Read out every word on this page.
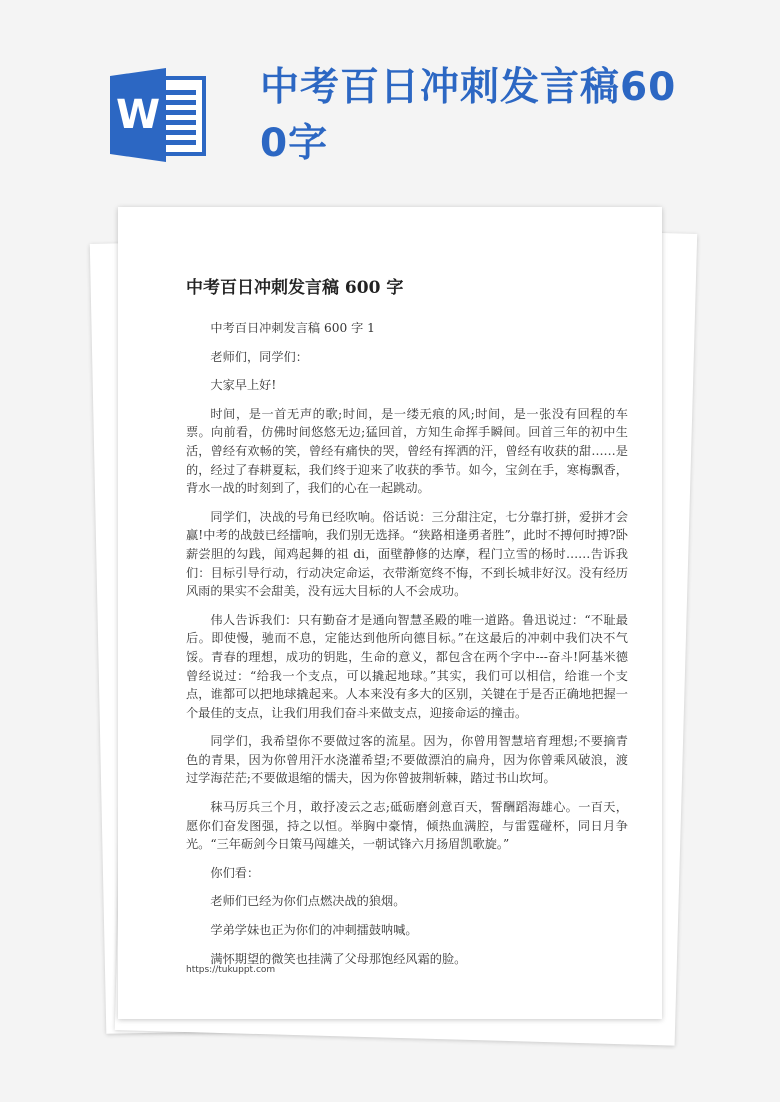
W
中考百日冲刺发言稿600字
中考百日冲刺发言稿 600 字

中考百日冲刺发言稿 600 字 1

老师们，同学们：

大家早上好!

时间，是一首无声的歌;时间，是一缕无痕的风;时间，是一张没有回程的车票。向前看，仿佛时间悠悠无边;猛回首，方知生命挥手瞬间。回首三年的初中生活，曾经有欢畅的笑，曾经有痛快的哭，曾经有挥洒的汗，曾经有收获的甜……是的，经过了春耕夏耘，我们终于迎来了收获的季节。如今，宝剑在手，寒梅飘香，背水一战的时刻到了，我们的心在一起跳动。

同学们，决战的号角已经吹响。俗话说：三分甜注定，七分靠打拼，爱拼才会赢!中考的战鼓已经擂响，我们别无选择。“狭路相逢勇者胜”，此时不搏何时搏?卧薪尝胆的勾践，闻鸡起舞的祖 di，面壁静修的达摩，程门立雪的杨时……告诉我们：目标引导行动，行动决定命运，衣带渐宽终不悔，不到长城非好汉。没有经历风雨的果实不会甜美，没有远大目标的人不会成功。

伟人告诉我们：只有勤奋才是通向智慧圣殿的唯一道路。鲁迅说过：“不耻最后。即使慢，驰而不息，定能达到他所向德目标。”在这最后的冲刺中我们决不气馁。青春的理想，成功的钥匙，生命的意义，都包含在两个字中---奋斗!阿基米德曾经说过：“给我一个支点，可以撬起地球。”其实，我们可以相信，给谁一个支点，谁都可以把地球撬起来。人本来没有多大的区别，关键在于是否正确地把握一个最佳的支点，让我们用我们奋斗来做支点，迎接命运的撞击。

同学们，我希望你不要做过客的流星。因为，你曾用智慧培育理想;不要摘青色的青果，因为你曾用汗水浇灌希望;不要做漂泊的扁舟，因为你曾乘风破浪，渡过学海茫茫;不要做退缩的懦夫，因为你曾披荆斩棘，踏过书山坎坷。

秣马厉兵三个月，敢抒凌云之志;砥砺磨剑意百天，誓酬蹈海雄心。一百天，愿你们奋发图强，持之以恒。举胸中豪情，倾热血满腔，与雷霆碰杯，同日月争光。“三年砺剑今日策马闯雄关，一朝试锋六月扬眉凯歌旋。”

你们看：

老师们已经为你们点燃决战的狼烟。

学弟学妹也正为你们的冲刺擂鼓呐喊。

满怀期望的微笑也挂满了父母那饱经风霜的脸。

https://tukuppt.com
